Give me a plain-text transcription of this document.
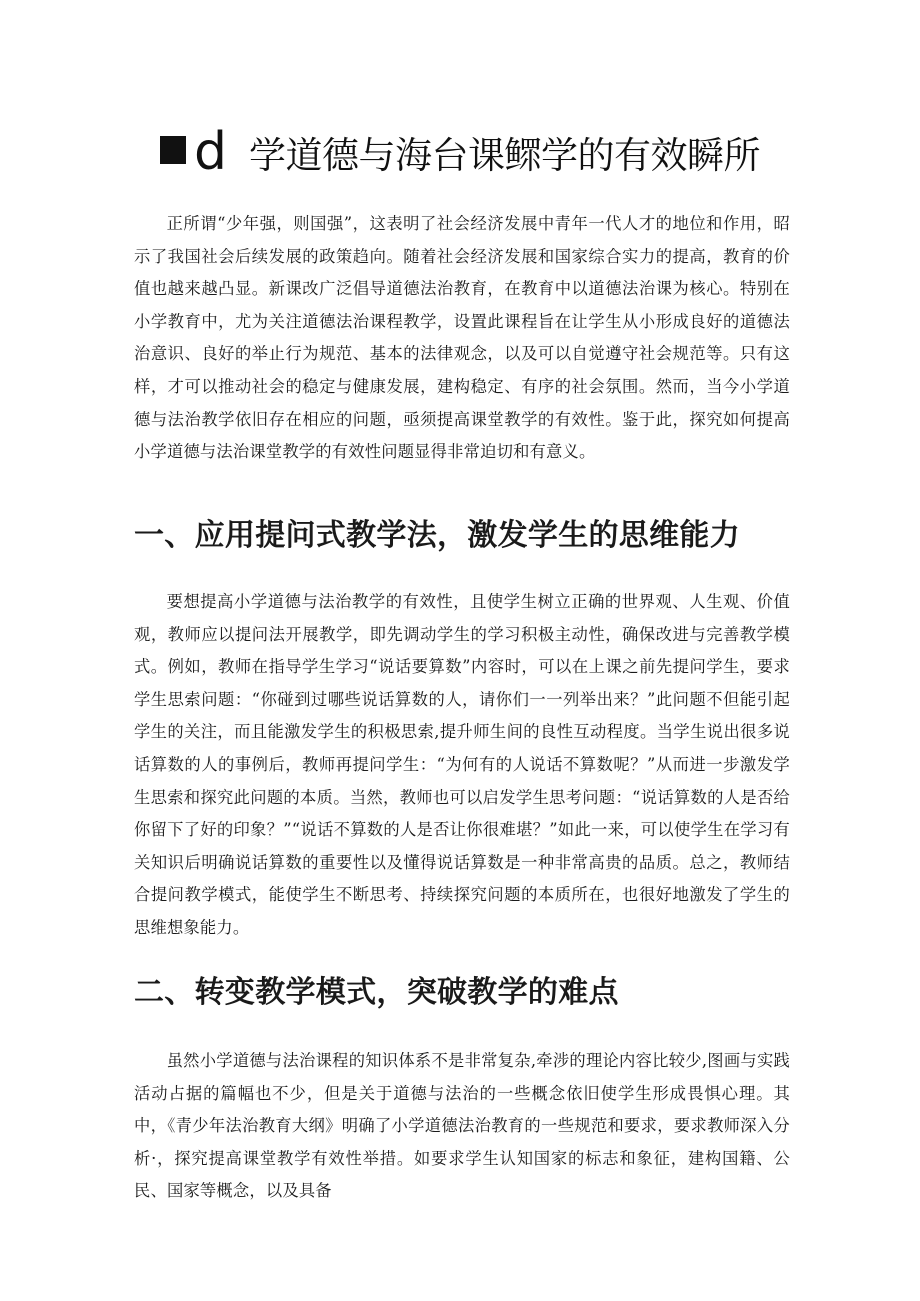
d 学道德与海台课鳏学的有效瞬所

正所谓“少年强，则国强”，这表明了社会经济发展中青年一代人才的地位和作用，昭示了我国社会后续发展的政策趋向。随着社会经济发展和国家综合实力的提高，教育的价值也越来越凸显。新课改广泛倡导道德法治教育，在教育中以道德法治课为核心。特别在小学教育中，尤为关注道德法治课程教学，设置此课程旨在让学生从小形成良好的道德法治意识、良好的举止行为规范、基本的法律观念，以及可以自觉遵守社会规范等。只有这样，才可以推动社会的稳定与健康发展，建构稳定、有序的社会氛围。然而，当今小学道德与法治教学依旧存在相应的问题，亟须提高课堂教学的有效性。鉴于此，探究如何提高小学道德与法治课堂教学的有效性问题显得非常迫切和有意义。

一、应用提问式教学法，激发学生的思维能力

要想提高小学道德与法治教学的有效性，且使学生树立正确的世界观、人生观、价值观，教师应以提问法开展教学，即先调动学生的学习积极主动性，确保改进与完善教学模式。例如，教师在指导学生学习“说话要算数”内容时，可以在上课之前先提问学生，要求学生思索问题：“你碰到过哪些说话算数的人，请你们一一列举出来？”此问题不但能引起学生的关注，而且能激发学生的积极思索,提升师生间的良性互动程度。当学生说出很多说话算数的人的事例后，教师再提问学生：“为何有的人说话不算数呢？”从而进一步激发学生思索和探究此问题的本质。当然，教师也可以启发学生思考问题：“说话算数的人是否给你留下了好的印象？”“说话不算数的人是否让你很难堪？”如此一来，可以使学生在学习有关知识后明确说话算数的重要性以及懂得说话算数是一种非常高贵的品质。总之，教师结合提问教学模式，能使学生不断思考、持续探究问题的本质所在，也很好地激发了学生的思维想象能力。

二、转变教学模式，突破教学的难点

虽然小学道德与法治课程的知识体系不是非常复杂,牵涉的理论内容比较少,图画与实践活动占据的篇幅也不少，但是关于道德与法治的一些概念依旧使学生形成畏惧心理。其中，《青少年法治教育大纲》明确了小学道德法治教育的一些规范和要求，要求教师深入分析·，探究提高课堂教学有效性举措。如要求学生认知国家的标志和象征，建构国籍、公民、国家等概念，以及具备
